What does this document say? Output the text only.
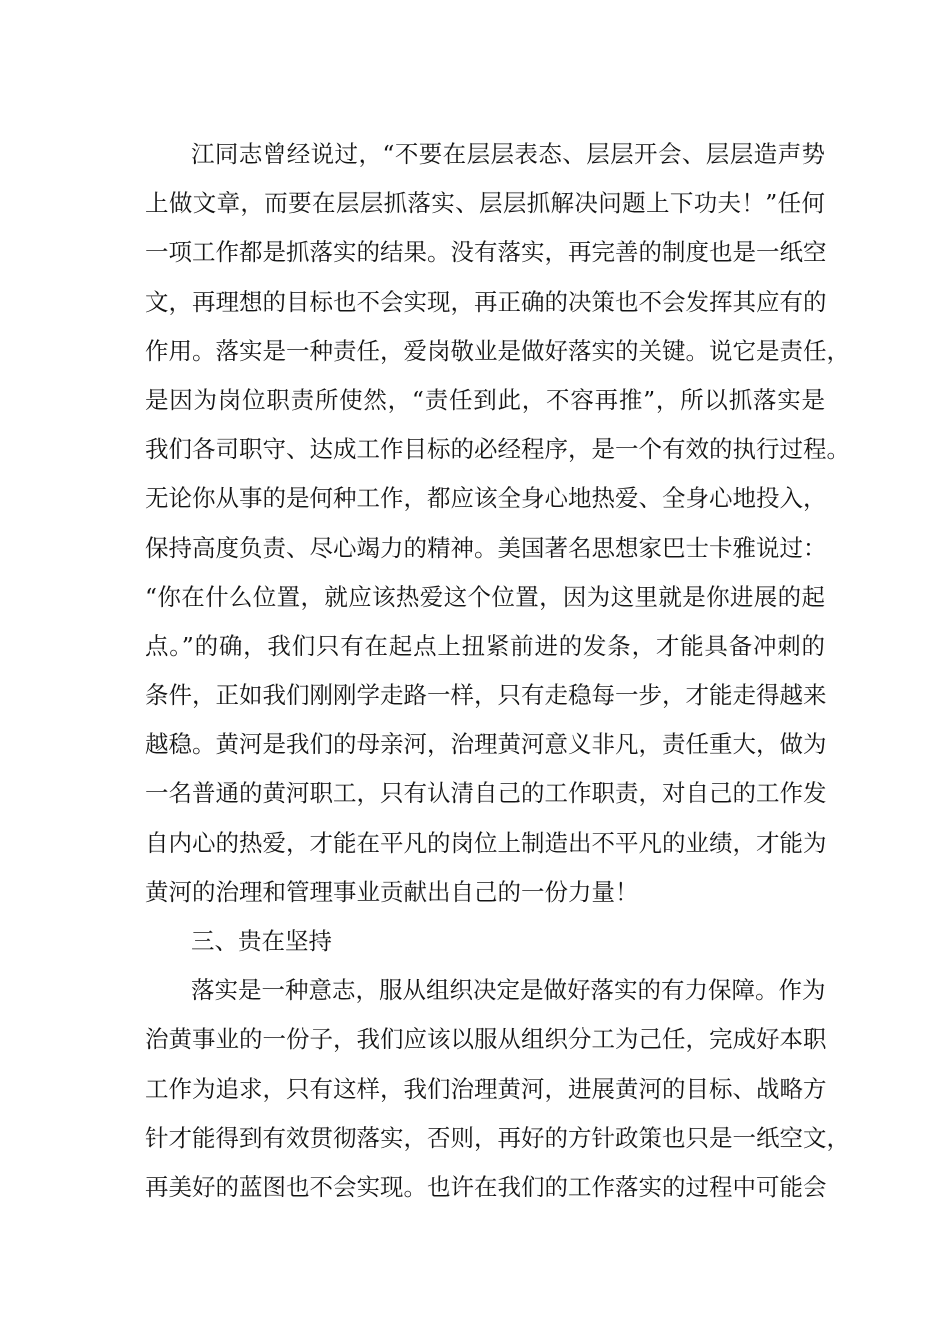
江同志曾经说过，“不要在层层表态、层层开会、层层造声势
上做文章，而要在层层抓落实、层层抓解决问题上下功夫！”任何
一项工作都是抓落实的结果。没有落实，再完善的制度也是一纸空
文，再理想的目标也不会实现，再正确的决策也不会发挥其应有的
作用。落实是一种责任，爱岗敬业是做好落实的关键。说它是责任，
是因为岗位职责所使然，“责任到此，不容再推”，所以抓落实是
我们各司职守、达成工作目标的必经程序，是一个有效的执行过程。
无论你从事的是何种工作，都应该全身心地热爱、全身心地投入，
保持高度负责、尽心竭力的精神。美国著名思想家巴士卡雅说过：
“你在什么位置，就应该热爱这个位置，因为这里就是你进展的起
点。”的确，我们只有在起点上扭紧前进的发条，才能具备冲刺的
条件，正如我们刚刚学走路一样，只有走稳每一步，才能走得越来
越稳。黄河是我们的母亲河，治理黄河意义非凡，责任重大，做为
一名普通的黄河职工，只有认清自己的工作职责，对自己的工作发
自内心的热爱，才能在平凡的岗位上制造出不平凡的业绩，才能为
黄河的治理和管理事业贡献出自己的一份力量！
三、贵在坚持
落实是一种意志，服从组织决定是做好落实的有力保障。作为
治黄事业的一份子，我们应该以服从组织分工为己任，完成好本职
工作为追求，只有这样，我们治理黄河，进展黄河的目标、战略方
针才能得到有效贯彻落实，否则，再好的方针政策也只是一纸空文，
再美好的蓝图也不会实现。也许在我们的工作落实的过程中可能会
